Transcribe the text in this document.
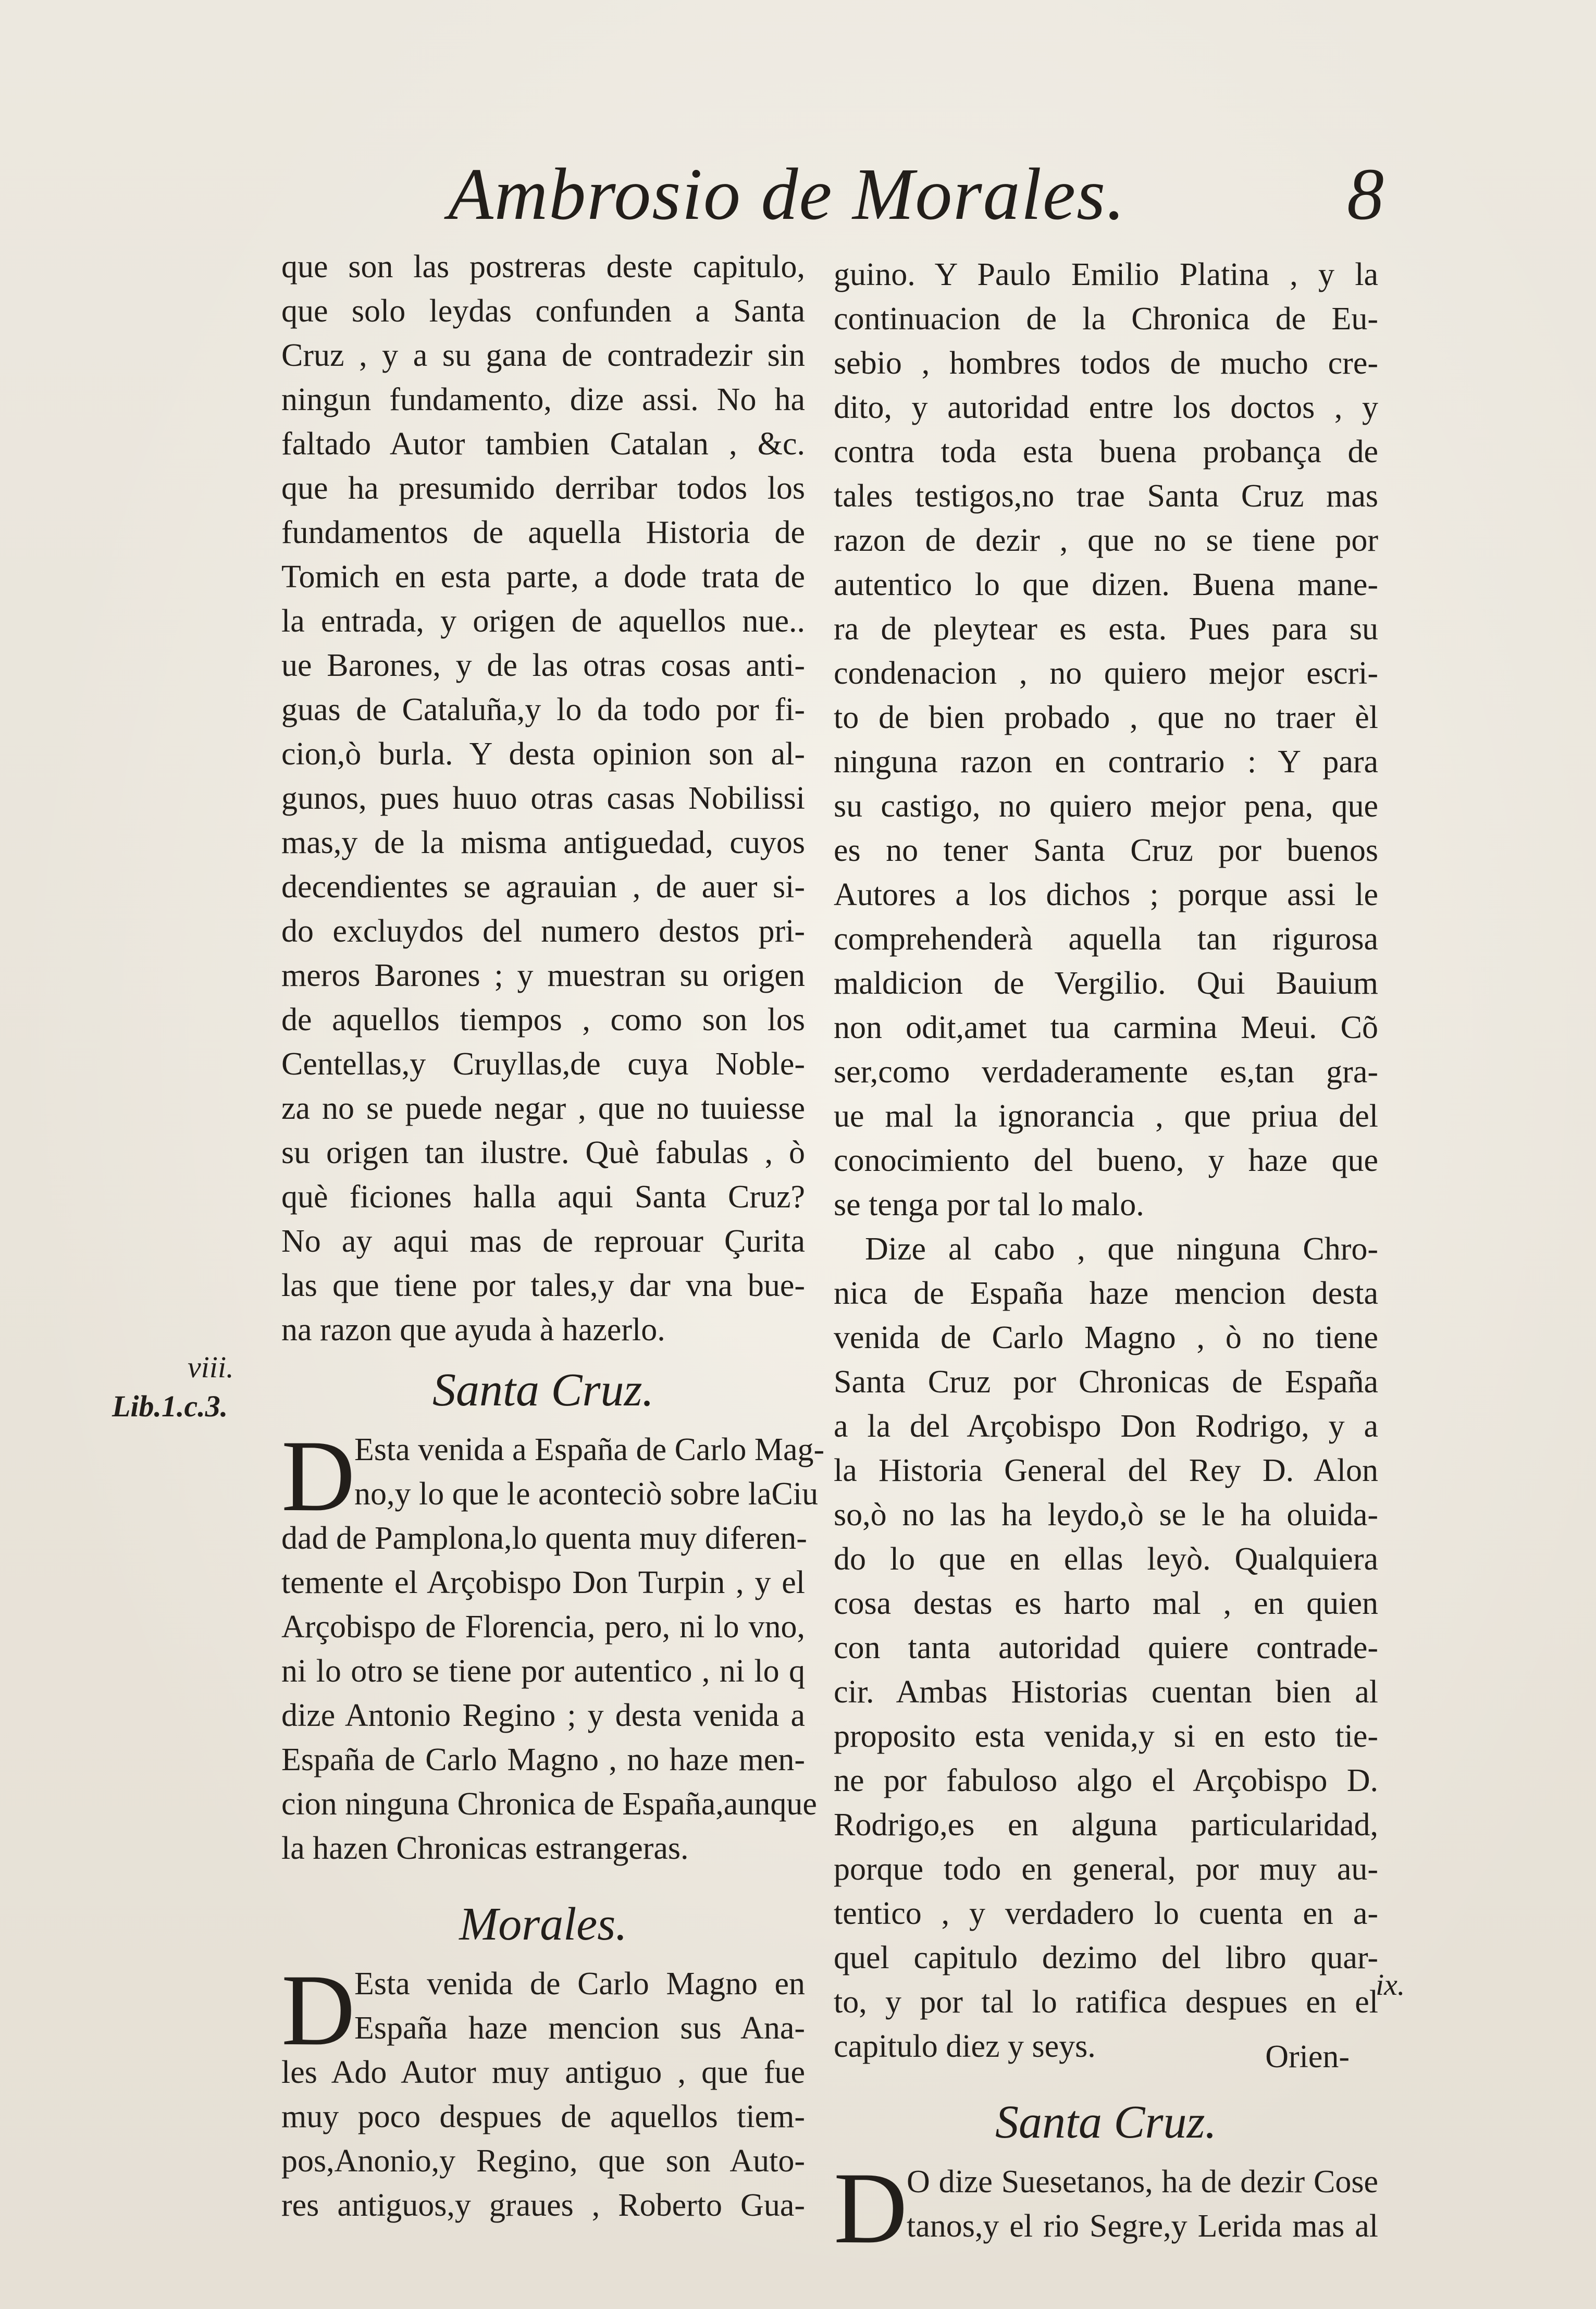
Ambrosio de Morales.	8
que son las postreras deste capitulo,
que solo leydas confunden a Santa
Cruz , y a su gana de contradezir sin
ningun fundamento, dize assi. No ha
faltado Autor tambien Catalan , &c.
que ha presumido derribar todos los
fundamentos de aquella Historia de
Tomich en esta parte, a dode trata de
la entrada, y origen de aquellos nue..
ue Barones, y de las otras cosas anti-
guas de Cataluña,y lo da todo por fi-
cion,ò burla. Y desta opinion son al-
gunos, pues huuo otras casas Nobilissi
mas,y de la misma antiguedad, cuyos
decendientes se agrauian , de auer si-
do excluydos del numero destos pri-
meros Barones ; y muestran su origen
de aquellos tiempos , como son los
Centellas,y Cruyllas,de cuya Noble-
za no se puede negar , que no tuuiesse
su origen tan ilustre. Què fabulas , ò
què ficiones halla aqui Santa Cruz?
No ay aqui mas de reprouar Çurita
las que tiene por tales,y dar vna bue-
na razon que ayuda à hazerlo.
Santa Cruz.
D
Esta venida a España de Carlo Mag-
no,y lo que le aconteciò sobre laCiu
dad de Pamplona,lo quenta muy diferen-
temente el Arçobispo Don Turpin , y el
Arçobispo de Florencia, pero, ni lo vno,
ni lo otro se tiene por autentico , ni lo q
dize Antonio Regino ; y desta venida a
España de Carlo Magno , no haze men-
cion ninguna Chronica de España,aunque
la hazen Chronicas estrangeras.
Morales.
D
Esta venida de Carlo Magno en
España haze mencion sus Ana-
les Ado Autor muy antiguo , que fue
muy poco despues de aquellos tiem-
pos,Anonio,y Regino, que son Auto-
res antiguos,y graues , Roberto Gua-
guino. Y Paulo Emilio Platina , y la
continuacion de la Chronica de Eu-
sebio , hombres todos de mucho cre-
dito, y autoridad entre los doctos , y
contra toda esta buena probança de
tales testigos,no trae Santa Cruz mas
razon de dezir , que no se tiene por
autentico lo que dizen. Buena mane-
ra de pleytear es esta. Pues para su
condenacion , no quiero mejor escri-
to de bien probado , que no traer èl
ninguna razon en contrario : Y para
su castigo, no quiero mejor pena, que
es no tener Santa Cruz por buenos
Autores a los dichos ; porque assi le
comprehenderà aquella tan rigurosa
maldicion de Vergilio. Qui Bauium
non odit,amet tua carmina Meui. Cõ
ser,como verdaderamente es,tan gra-
ue mal la ignorancia , que priua del
conocimiento del bueno, y haze que
se tenga por tal lo malo.
Dize al cabo , que ninguna Chro-
nica de España haze mencion desta
venida de Carlo Magno , ò no tiene
Santa Cruz por Chronicas de España
a la del Arçobispo Don Rodrigo, y a
la Historia General del Rey D. Alon
so,ò no las ha leydo,ò se le ha oluida-
do lo que en ellas leyò. Qualquiera
cosa destas es harto mal , en quien
con tanta autoridad quiere contrade-
cir. Ambas Historias cuentan bien al
proposito esta venida,y si en esto tie-
ne por fabuloso algo el Arçobispo D.
Rodrigo,es en alguna particularidad,
porque todo en general, por muy au-
tentico , y verdadero lo cuenta en a-
quel capitulo dezimo del libro quar-
to, y por tal lo ratifica despues en el
capitulo diez y seys.
Santa Cruz.
D
O dize Suesetanos, ha de dezir Cose
tanos,y el rio Segre,y Lerida mas al
Orien-
viii.
Lib.1.c.3.
ix.
